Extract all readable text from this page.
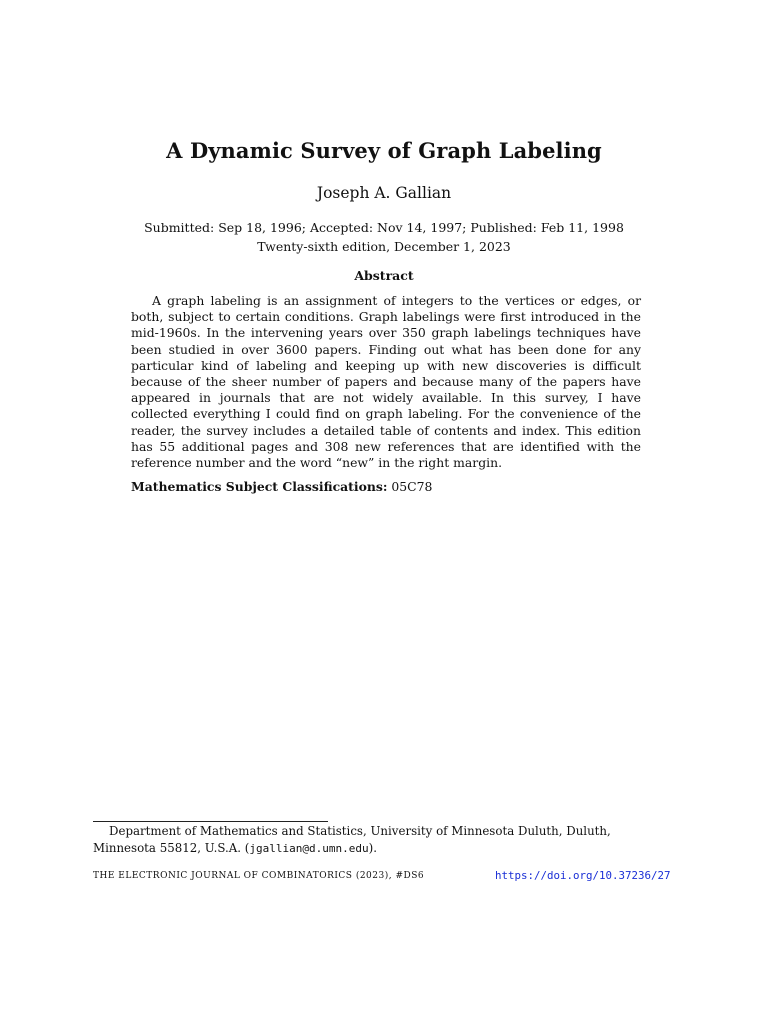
A Dynamic Survey of Graph Labeling
Joseph A. Gallian
Submitted: Sep 18, 1996; Accepted: Nov 14, 1997; Published: Feb 11, 1998
Twenty-sixth edition, December 1, 2023
Abstract
A graph labeling is an assignment of integers to the vertices or edges, or both, subject to certain conditions. Graph labelings were first introduced in the mid-1960s. In the intervening years over 350 graph labelings techniques have been studied in over 3600 papers. Finding out what has been done for any particular kind of labeling and keeping up with new discoveries is difficult because of the sheer number of papers and because many of the papers have appeared in journals that are not widely available. In this survey, I have collected everything I could find on graph labeling. For the convenience of the reader, the survey includes a detailed table of contents and index. This edition has 55 additional pages and 308 new references that are identified with the reference number and the word “new” in the right margin.
Mathematics Subject Classifications: 05C78
Department of Mathematics and Statistics, University of Minnesota Duluth, Duluth, Minnesota 55812, U.S.A. (jgallian@d.umn.edu).
THE ELECTRONIC JOURNAL OF COMBINATORICS (2023), #DS6	https://doi.org/10.37236/27
